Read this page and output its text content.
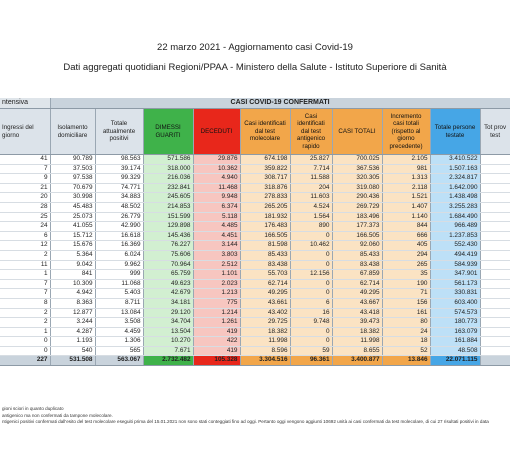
22 marzo 2021 - Aggiornamento casi Covid-19
Dati aggregati quotidiani Regioni/PPAA - Ministero della Salute - Istituto Superiore di Sanità
ntensiva	CASI COVID-19 CONFERMATI									
Ingressi del giorno	Isolamento domiciliare	Totale attualmente positivi	DIMESSI GUARITI	DECEDUTI	Casi identificati dal test molecolare	Casi identificati dal test antigenico rapido	CASI TOTALI	Incremento casi totali (rispetto al giorno precedente)	Totale persone testate	Tot prov test
41	90.789	98.563	571.586	29.876	674.198	25.827	700.025	2.105	3.410.522	
7	37.503	39.174	318.000	10.362	359.822	7.714	367.536	981	1.507.163	
9	97.538	99.329	216.036	4.940	308.717	11.588	320.305	1.313	2.324.817	
21	70.679	74.771	232.841	11.468	318.876	204	319.080	2.118	1.642.090	
20	30.998	34.883	245.605	9.948	278.833	11.603	290.436	1.521	1.438.498	
28	45.483	48.502	214.853	6.374	265.205	4.524	269.729	1.407	3.255.283	
25	25.073	26.779	151.599	5.118	181.932	1.564	183.496	1.140	1.684.490	
24	41.055	42.990	129.898	4.485	176.483	890	177.373	844	966.489	
6	15.712	16.618	145.436	4.451	166.505	0	166.505	666	1.237.853	
12	15.676	16.369	76.227	3.144	81.598	10.462	92.060	405	552.430	
2	5.364	6.024	75.606	3.803	85.433	0	85.433	294	494.419	
11	9.042	9.962	70.964	2.512	83.438	0	83.438	265	584.939	
1	841	999	65.759	1.101	55.703	12.156	67.859	35	347.901	
7	10.309	11.068	49.623	2.023	62.714	0	62.714	190	561.173	
7	4.942	5.403	42.679	1.213	49.295	0	49.295	71	330.831	
8	8.363	8.711	34.181	775	43.661	6	43.667	156	603.400	
2	12.877	13.084	29.120	1.214	43.402	16	43.418	161	574.573	
2	3.244	3.508	34.704	1.261	29.725	9.748	39.473	80	180.773	
1	4.287	4.459	13.504	419	18.382	0	18.382	24	163.079	
0	1.193	1.306	10.270	422	11.998	0	11.998	18	161.884	
0	540	565	7.671	419	8.596	59	8.655	52	48.508	
227	531.508	563.067	2.732.482	105.328	3.304.516	96.361	3.400.877	13.846	22.071.115	
gioni sciori in quanto duplicato
antigenico ma non confermati da tampone molecolare.
ntigenici positivi confermati dall'esito del test molecolare eseguiti prima del 15.01.2021 non sono stati conteggiati fino ad oggi. Pertanto oggi vengono aggiunti 10692 unità ai casi confermati da test molecolare, di cui 27 risultati positivi in data
